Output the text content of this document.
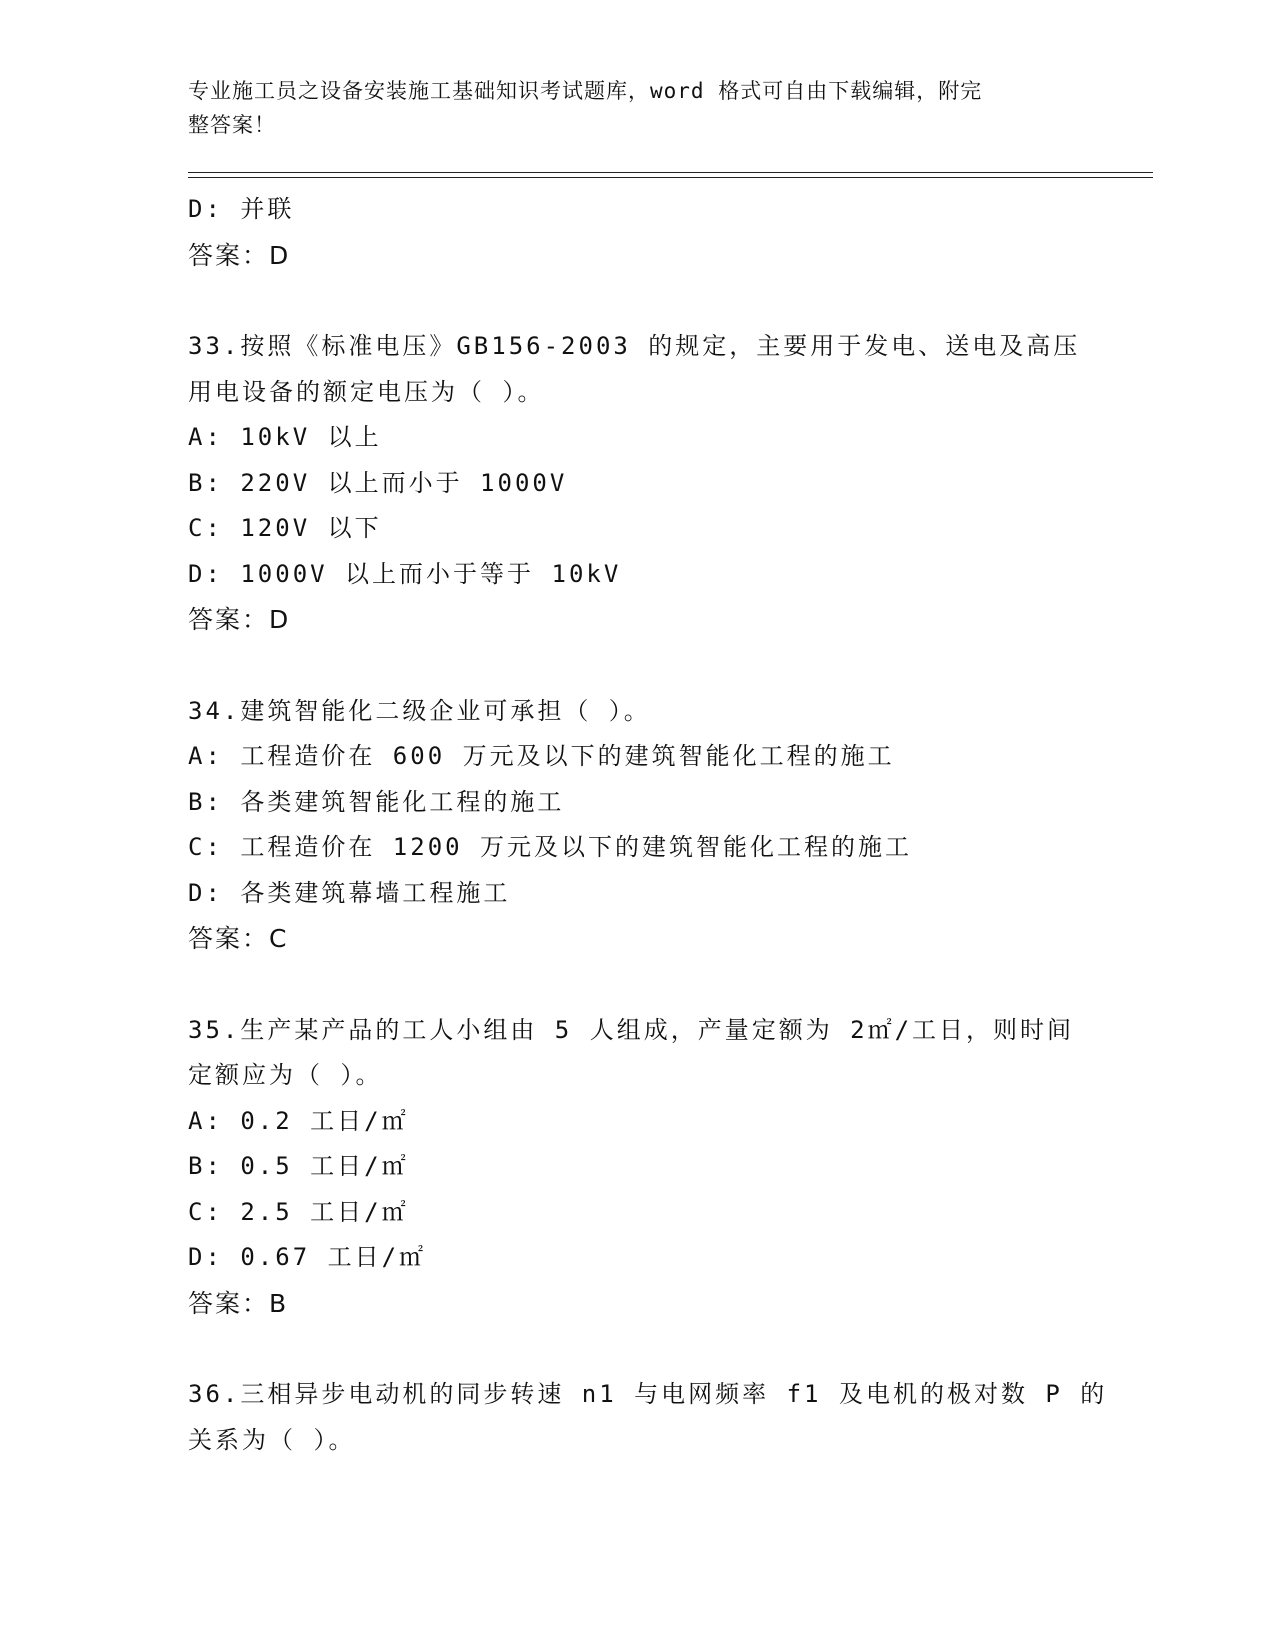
专业施工员之设备安装施工基础知识考试题库，word 格式可自由下载编辑，附完
整答案！
D: 并联
答案：D
33.按照《标准电压》GB156-2003 的规定，主要用于发电、送电及高压
用电设备的额定电压为（ ）。
A: 10kV 以上
B: 220V 以上而小于 1000V
C: 120V 以下
D: 1000V 以上而小于等于 10kV
答案：D
34.建筑智能化二级企业可承担（ ）。
A: 工程造价在 600 万元及以下的建筑智能化工程的施工
B: 各类建筑智能化工程的施工
C: 工程造价在 1200 万元及以下的建筑智能化工程的施工
D: 各类建筑幕墙工程施工
答案：C
35.生产某产品的工人小组由 5 人组成，产量定额为 2㎡/工日，则时间
定额应为（ ）。
A: 0.2 工日/㎡
B: 0.5 工日/㎡
C: 2.5 工日/㎡
D: 0.67 工日/㎡
答案：B
36.三相异步电动机的同步转速 n1 与电网频率 f1 及电机的极对数 P 的
关系为（ ）。
